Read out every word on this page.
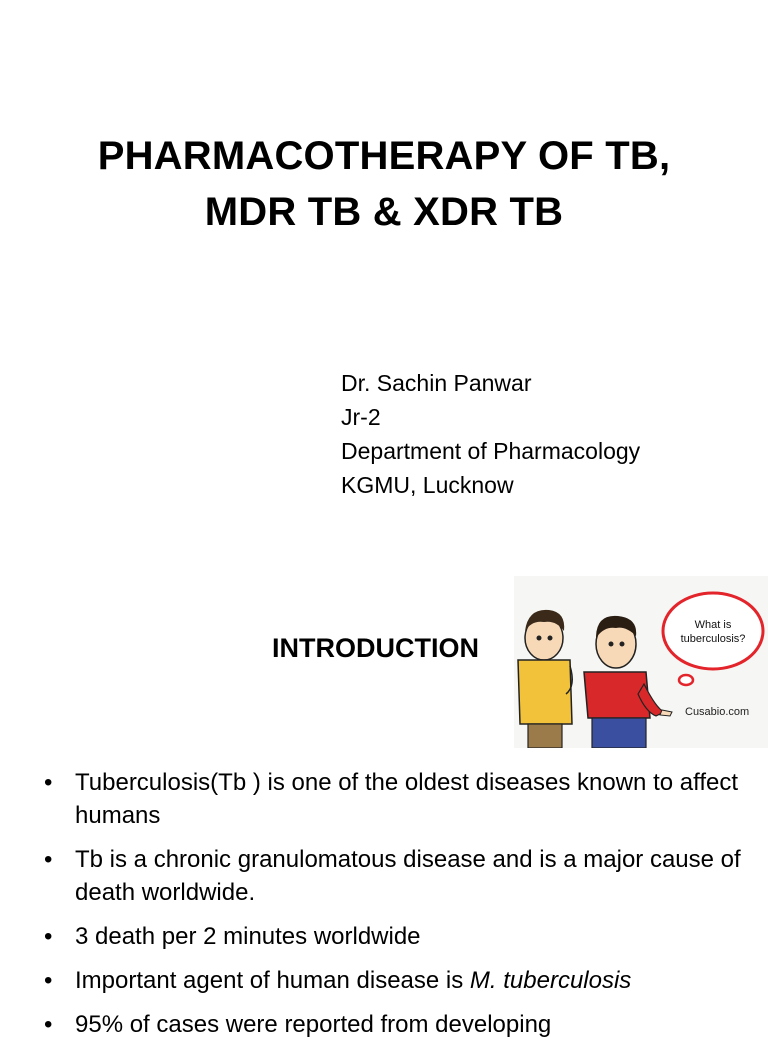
PHARMACOTHERAPY OF TB,
MDR TB & XDR TB
Dr. Sachin Panwar
Jr-2
Department of Pharmacology
KGMU, Lucknow
INTRODUCTION
What is
tuberculosis?
Cusabio.com
• Tuberculosis(Tb ) is one of the oldest diseases known to affect humans
• Tb is a chronic granulomatous disease and is a major cause of death worldwide.
• 3 death per 2 minutes worldwide
• Important agent of human disease is M. tuberculosis
• 95% of cases were reported from developing
